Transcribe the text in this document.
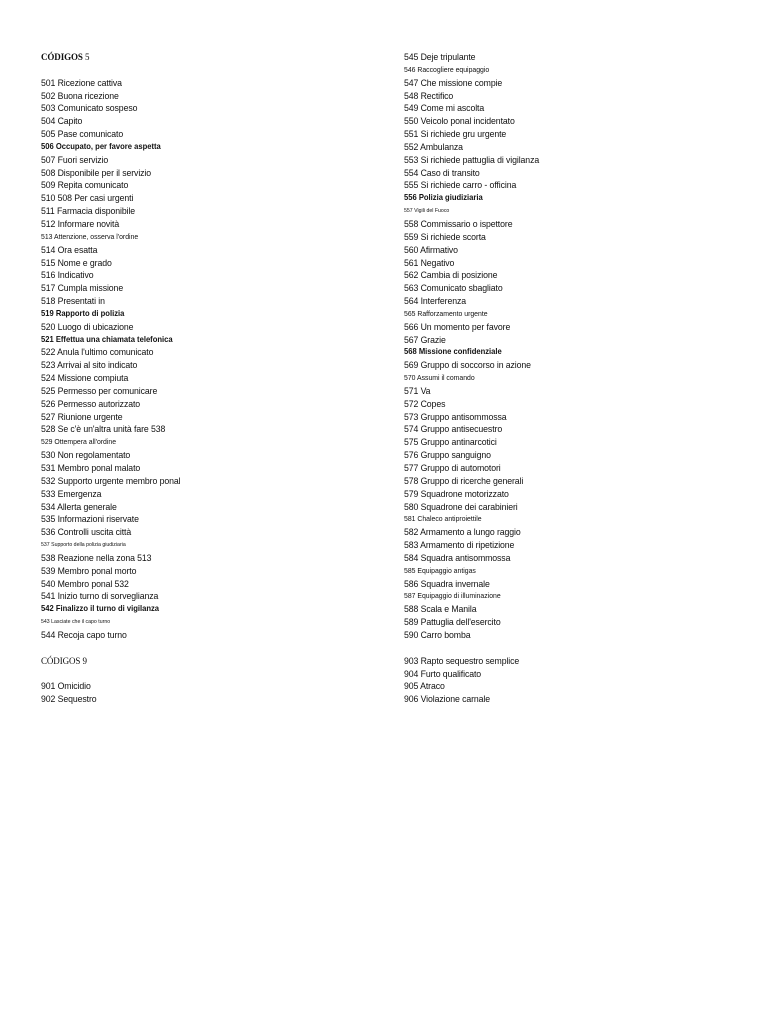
CÓDIGOS 5
501 Ricezione cattiva
502 Buona ricezione
503 Comunicato sospeso
504 Capito
505 Pase comunicato
506 Occupato, per favore aspetta
507 Fuori servizio
508 Disponibile per il servizio
509 Repita comunicato
510 508 Per casi urgenti
511 Farmacia disponibile
512 Informare novità
513 Attenzione, osserva l'ordine
514 Ora esatta
515 Nome e grado
516 Indicativo
517 Cumpla missione
518 Presentati in
519 Rapporto di polizia
520 Luogo di ubicazione
521 Effettua una chiamata telefonica
522 Anula l'ultimo comunicato
523 Arrivai al sito indicato
524 Missione compiuta
525 Permesso per comunicare
526 Permesso autorizzato
527 Riunione urgente
528 Se c'è un'altra unità fare 538
529 Ottempera all'ordine
530 Non regolamentato
531 Membro ponal malato
532 Supporto urgente membro ponal
533 Emergenza
534 Allerta generale
535 Informazioni riservate
536 Controlli uscita città
537 Supporto della polizia giudiziaria
538 Reazione nella zona 513
539 Membro ponal morto
540 Membro ponal 532
541 Inizio turno di sorveglianza
542 Finalizzo il turno di vigilanza
543 Lasciate che il capo turno
544 Recoja capo turno
CÓDIGOS 9
901 Omicidio
902 Sequestro
545 Deje tripulante
546 Raccogliere equipaggio
547 Che missione compie
548 Rectifico
549 Come mi ascolta
550 Veicolo ponal incidentato
551 Si richiede gru urgente
552 Ambulanza
553 Si richiede pattuglia di vigilanza
554 Caso di transito
555 Si richiede carro - officina
556 Polizia giudiziaria
557 Vigili del Fuoco
558 Commissario o ispettore
559 Si richiede scorta
560 Afirmativo
561 Negativo
562 Cambia di posizione
563 Comunicato sbagliato
564 Interferenza
565 Rafforzamento urgente
566 Un momento per favore
567 Grazie
568 Missione confidenziale
569 Gruppo di soccorso in azione
570 Assumi il comando
571 Va
572 Copes
573 Gruppo antisommossa
574 Gruppo antisecuestro
575 Gruppo antinarcotici
576 Gruppo sanguigno
577 Gruppo di automotori
578 Gruppo di ricerche generali
579 Squadrone motorizzato
580 Squadrone dei carabinieri
581 Chaleco antiproiettile
582 Armamento a lungo raggio
583 Armamento di ripetizione
584 Squadra antisommossa
585 Equipaggio antigas
586 Squadra invernale
587 Equipaggio di illuminazione
588 Scala e Manila
589 Pattuglia dell'esercito
590 Carro bomba
903 Rapto sequestro semplice
904 Furto qualificato
905 Atraco
906 Violazione carnale
